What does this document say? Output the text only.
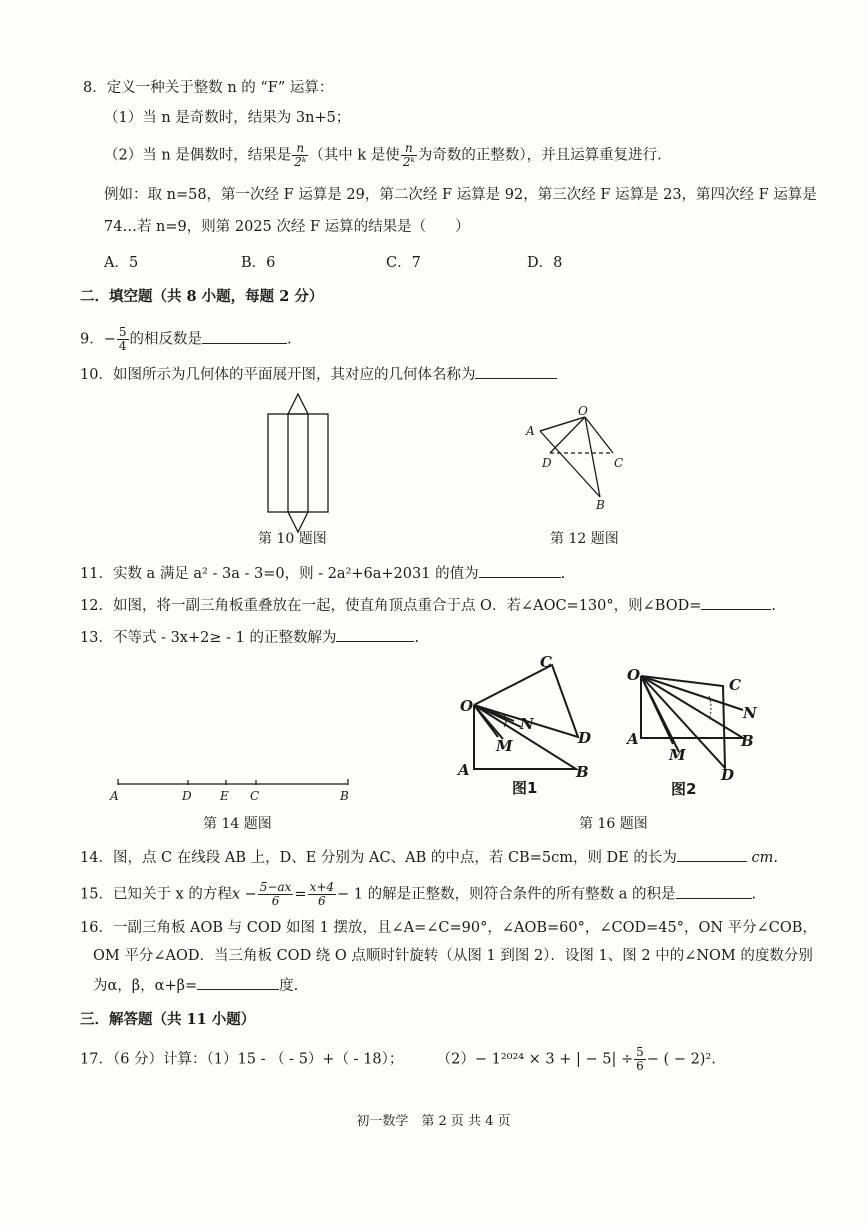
8．定义一种关于整数 n 的 “F” 运算：
（1）当 n 是奇数时，结果为 3n+5；
（2）当 n 是偶数时，结果是 $\frac{n}{\text{2ᵏ}}$ （其中 k 是使 $\frac{n}{\text{2ᵏ}}$ 为奇数的正整数），并且运算重复进行.
例如：取 n=58，第一次经 F 运算是 29，第二次经 F 运算是 92，第三次经 F 运算是 23，第四次经 F 运算是
74…若 n=9，则第 2025 次经 F 运算的结果是（　　）
A．5	B．6	C．7	D．8
二．填空题（共 8 小题，每题 2 分）
9．− $\frac{5}{4}$ 的相反数是	.
10．如图所示为几何体的平面展开图，其对应的几何体名称为
第 10 题图
O
A
D	C
B
第 12 题图
11．实数 a 满足 a² - 3a - 3=0，则 - 2a²+6a+2031 的值为	.
12．如图，将一副三角板重叠放在一起，使直角顶点重合于点 O．若∠AOC=130°，则∠BOD=	.
13．不等式 - 3x+2≥ - 1 的正整数解为	.
A	D E C	B
第 14 题图
O
C
N
D
M
A	B
图1
O
C
N
A
M
B
D
图2
第 16 题图
14．图，点 C 在线段 AB 上，D、E 分别为 AC、AB 的中点，若 CB=5cm，则 DE 的长为	cm.
15．已知关于 x 的方程$x - \frac{5-ax}{6} = \frac{x+4}{6} - 1$ 的解是正整数，则符合条件的所有整数 a 的积是	.
16．一副三角板 AOB 与 COD 如图 1 摆放，且∠A=∠C=90°，∠AOB=60°，∠COD=45°，ON 平分∠COB，
OM 平分∠AOD．当三角板 COD 绕 O 点顺时针旋转（从图 1 到图 2）．设图 1、图 2 中的∠NOM 的度数分别
为α，β，α+β=	度.
三．解答题（共 11 小题）
17．（6 分）计算：（1）15 - （ - 5）+（ - 18）； （2）− 1²⁰²⁴ × 3 + | − $5| \div \frac{5}{6}$ − ( − 2)².
初一数学　第 2 页 共 4 页
